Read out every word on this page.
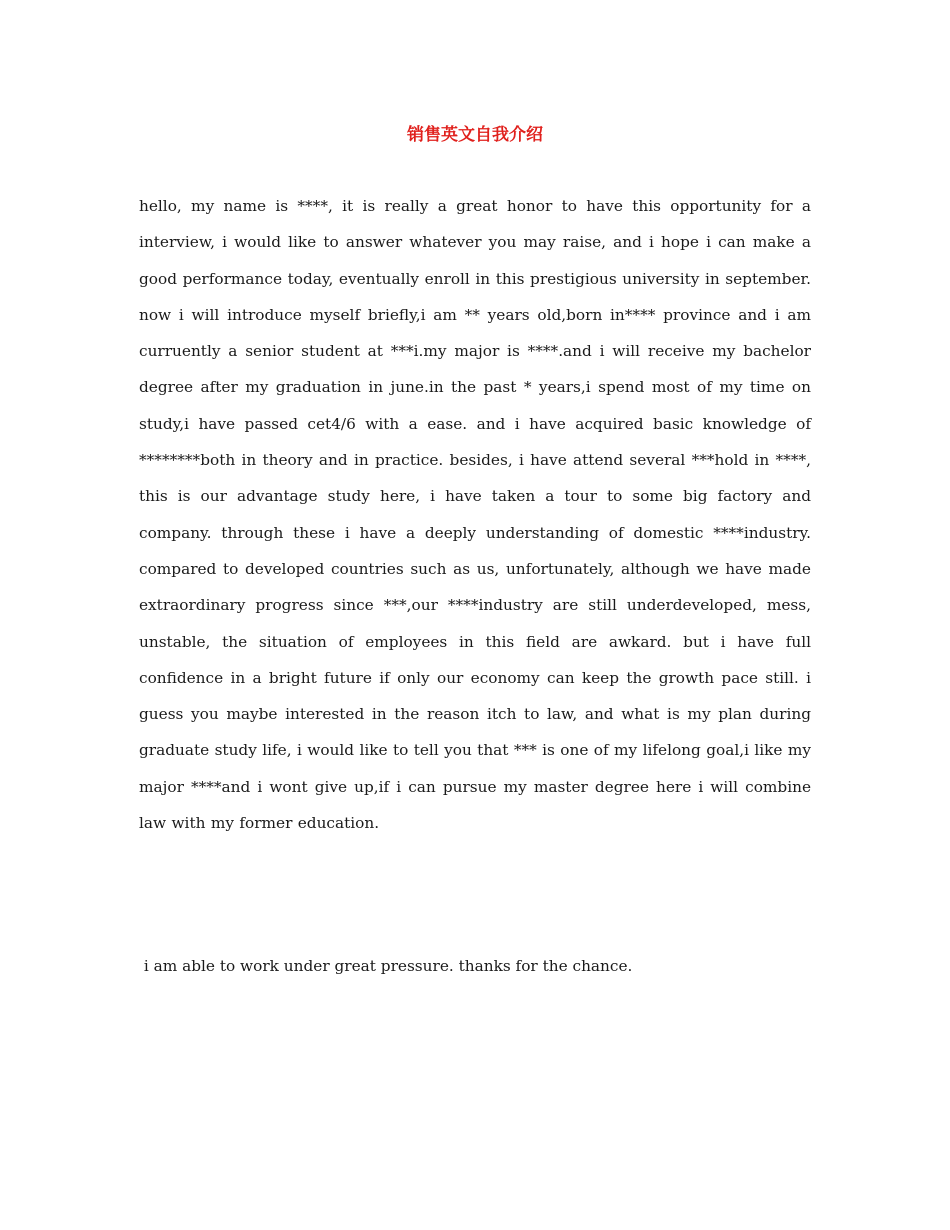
销售英文自我介绍

hello, my name is ****, it is really a great honor to have this opportunity for a interview, i would like to answer whatever you may raise, and i hope i can make a good performance today, eventually enroll in this prestigious university in september. now i will introduce myself briefly,i am ** years old,born in**** province and i am curruently a senior student at ***i.my major is ****.and i will receive my bachelor degree after my graduation in june.in the past * years,i spend most of my time on study,i have passed cet4/6 with a ease. and i have acquired basic knowledge of ********both in theory and in practice. besides, i have attend several ***hold in ****, this is our advantage study here, i have taken a tour to some big factory and company. through these i have a deeply understanding of domestic ****industry. compared to developed countries such as us, unfortunately, although we have made extraordinary progress since ***,our ****industry are still underdeveloped, mess, unstable, the situation of employees in this field are awkard. but i have full confidence in a bright future if only our economy can keep the growth pace still. i guess you maybe interested in the reason itch to law, and what is my plan during graduate study life, i would like to tell you that *** is one of my lifelong goal,i like my major ****and i wont give up,if i can pursue my master degree here i will combine law with my former education.

i am able to work under great pressure. thanks for the chance.
